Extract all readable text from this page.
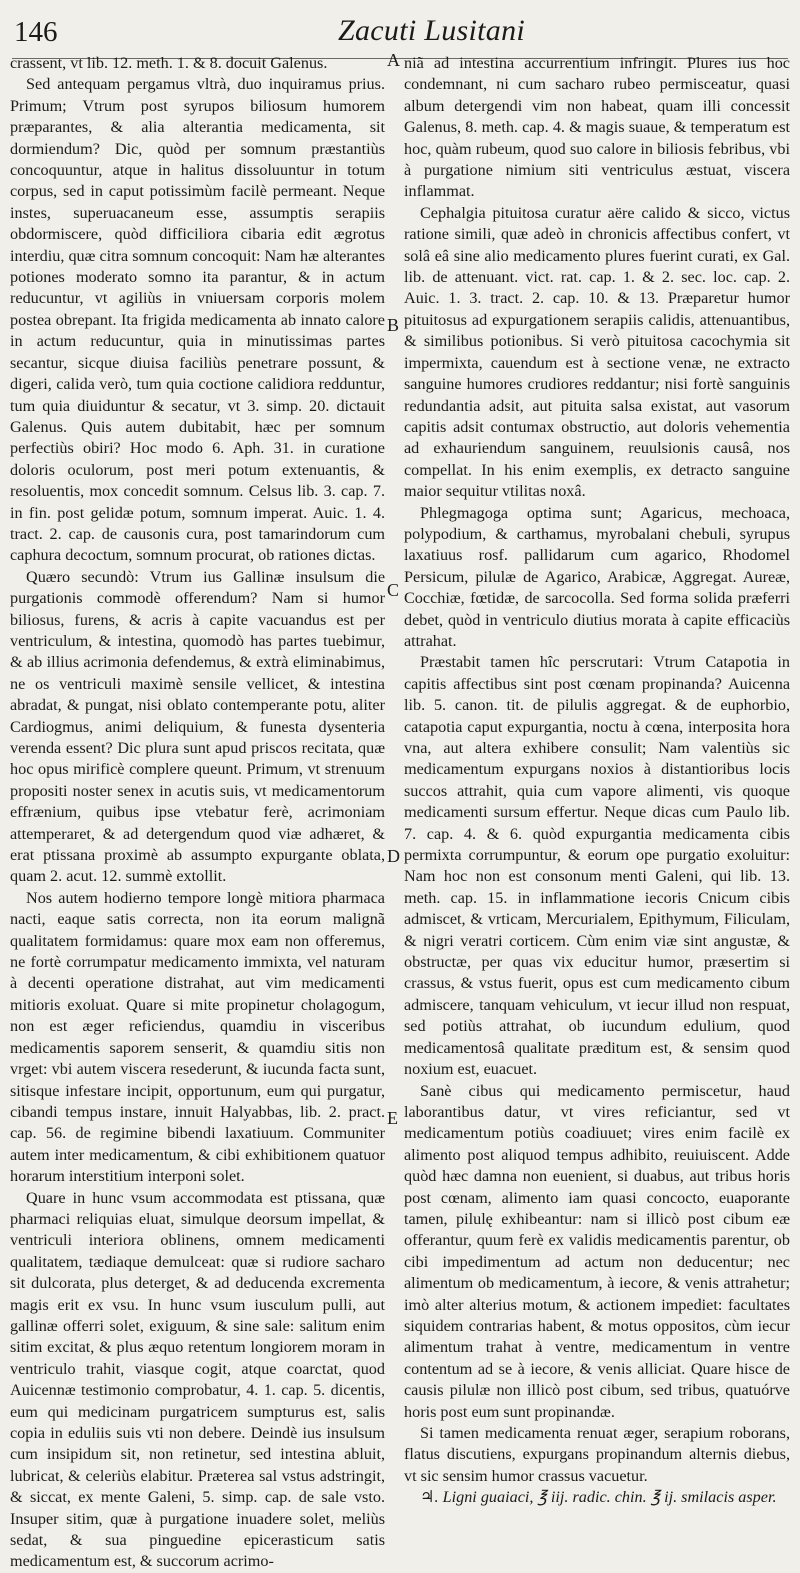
146	Zacuti Lusitani

crassent, vt lib. 12. meth. 1. & 8. docuit Galenus.

Sed antequam pergamus vltrà, duo inquiramus prius. Primum; Vtrum post syrupos biliosum humorem præparantes, & alia alterantia medicamenta, sit dormiendum? Dic, quòd per somnum præstantiùs concoquuntur, atque in halitus dissoluuntur in totum corpus, sed in caput potissimùm facilè permeant. Neque instes, superuacaneum esse, assumptis serapiis obdormiscere, quòd difficiliora cibaria edit ægrotus interdiu, quæ citra somnum concoquit: Nam hæ alterantes potiones moderato somno ita parantur, & in actum reducuntur, vt agiliùs in vniuersam corporis molem postea obrepant. Ita frigida medicamenta ab innato calore in actum reducuntur, quia in minutissimas partes secantur, sicque diuisa faciliùs penetrare possunt, & digeri, calida verò, tum quia coctione calidiora redduntur, tum quia diuiduntur & secatur, vt 3. simp. 20. dictauit Galenus. Quis autem dubitabit, hæc per somnum perfectiùs obiri? Hoc modo 6. Aph. 31. in curatione doloris oculorum, post meri potum extenuantis, & resoluentis, mox concedit somnum. Celsus lib. 3. cap. 7. in fin. post gelidæ potum, somnum imperat. Auic. 1. 4. tract. 2. cap. de causonis cura, post tamarindorum cum caphura decoctum, somnum procurat, ob rationes dictas.

Quæro secundò: Vtrum ius Gallinæ insulsum die purgationis commodè offerendum? Nam si humor biliosus, furens, & acris à capite vacuandus est per ventriculum, & intestina, quomodò has partes tuebimur, & ab illius acrimonia defendemus, & extrà eliminabimus, ne os ventriculi maximè sensile vellicet, & intestina abradat, & pungat, nisi oblato contemperante potu, aliter Cardiogmus, animi deliquium, & funesta dysenteria verenda essent? Dic plura sunt apud priscos recitata, quæ hoc opus mirificè complere queunt. Primum, vt strenuum propositi noster senex in acutis suis, vt medicamentorum effrænium, quibus ipse vtebatur ferè, acrimoniam attemperaret, & ad detergendum quod viæ adhæret, & erat ptissana proximè ab assumpto expurgante oblata, quam 2. acut. 12. summè extollit.

Nos autem hodierno tempore longè mitiora pharmaca nacti, eaque satis correcta, non ita eorum malignã qualitatem formidamus: quare mox eam non offeremus, ne fortè corrumpatur medicamento immixta, vel naturam à decenti operatione distrahat, aut vim medicamenti mitioris exoluat. Quare si mite propinetur cholagogum, non est æger reficiendus, quamdiu in visceribus medicamentis saporem senserit, & quamdiu sitis non vrget: vbi autem viscera resederunt, & iucunda facta sunt, sitisque infestare incipit, opportunum, eum qui purgatur, cibandi tempus instare, innuit Halyabbas, lib. 2. pract. cap. 56. de regimine bibendi laxatiuum. Communiter autem inter medicamentum, & cibi exhibitionem quatuor horarum interstitium interponi solet.

Quare in hunc vsum accommodata est ptissana, quæ pharmaci reliquias eluat, simulque deorsum impellat, & ventriculi interiora oblinens, omnem medicamenti qualitatem, tædiaque demulceat: quæ si rudiore sacharo sit dulcorata, plus deterget, & ad deducenda excrementa magis erit ex vsu. In hunc vsum iusculum pulli, aut gallinæ offerri solet, exiguum, & sine sale: salitum enim sitim excitat, & plus æquo retentum longiorem moram in ventriculo trahit, viasque cogit, atque coarctat, quod Auicennæ testimonio comprobatur, 4. 1. cap. 5. dicentis, eum qui medicinam purgatricem sumpturus est, salis copia in eduliis suis vti non debere. Deindè ius insulsum cum insipidum sit, non retinetur, sed intestina abluit, lubricat, & celeriùs elabitur. Præterea sal vstus adstringit, & siccat, ex mente Galeni, 5. simp. cap. de sale vsto. Insuper sitim, quæ à purgatione inuadere solet, meliùs sedat, & sua pinguedine epicerasticum satis medicamentum est, & succorum acrimo-

A
B
C
D
E

niã ad intestina accurrentium infringit. Plures ius hoc condemnant, ni cum sacharo rubeo permisceatur, quasi album detergendi vim non habeat, quam illi concessit Galenus, 8. meth. cap. 4. & magis suaue, & temperatum est hoc, quàm rubeum, quod suo calore in biliosis febribus, vbi à purgatione nimium siti ventriculus æstuat, viscera inflammat.

Cephalgia pituitosa curatur aëre calido & sicco, victus ratione simili, quæ adeò in chronicis affectibus confert, vt solâ eâ sine alio medicamento plures fuerint curati, ex Gal. lib. de attenuant. vict. rat. cap. 1. & 2. sec. loc. cap. 2. Auic. 1. 3. tract. 2. cap. 10. & 13. Præparetur humor pituitosus ad expurgationem serapiis calidis, attenuantibus, & similibus potionibus. Si verò pituitosa cacochymia sit impermixta, cauendum est à sectione venæ, ne extracto sanguine humores crudiores reddantur; nisi fortè sanguinis redundantia adsit, aut pituita salsa existat, aut vasorum capitis adsit contumax obstructio, aut doloris vehementia ad exhauriendum sanguinem, reuulsionis causâ, nos compellat. In his enim exemplis, ex detracto sanguine maior sequitur vtilitas noxâ.

Phlegmagoga optima sunt; Agaricus, mechoaca, polypodium, & carthamus, myrobalani chebuli, syrupus laxatiuus rosf. pallidarum cum agarico, Rhodomel Persicum, pilulæ de Agarico, Arabicæ, Aggregat. Aureæ, Cocchiæ, fœtidæ, de sarcocolla. Sed forma solida præferri debet, quòd in ventriculo diutius morata à capite efficaciùs attrahat.

Præstabit tamen hîc perscrutari: Vtrum Catapotia in capitis affectibus sint post cœnam propinanda? Auicenna lib. 5. canon. tit. de pilulis aggregat. & de euphorbio, catapotia caput expurgantia, noctu à cœna, interposita hora vna, aut altera exhibere consulit; Nam valentiùs sic medicamentum expurgans noxios à distantioribus locis succos attrahit, quia cum vapore alimenti, vis quoque medicamenti sursum effertur. Neque dicas cum Paulo lib. 7. cap. 4. & 6. quòd expurgantia medicamenta cibis permixta corrumpuntur, & eorum ope purgatio exoluitur: Nam hoc non est consonum menti Galeni, qui lib. 13. meth. cap. 15. in inflammatione iecoris Cnicum cibis admiscet, & vrticam, Mercurialem, Epithymum, Filiculam, & nigri veratri corticem. Cùm enim viæ sint angustæ, & obstructæ, per quas vix educitur humor, præsertim si crassus, & vstus fuerit, opus est cum medicamento cibum admiscere, tanquam vehiculum, vt iecur illud non respuat, sed potiùs attrahat, ob iucundum edulium, quod medicamentosâ qualitate præditum est, & sensim quod noxium est, euacuet.

Sanè cibus qui medicamento permiscetur, haud laborantibus datur, vt vires reficiantur, sed vt medicamentum potiùs coadiuuet; vires enim facilè ex alimento post aliquod tempus adhibito, reuiuiscent. Adde quòd hæc damna non euenient, si duabus, aut tribus horis post cœnam, alimento iam quasi concocto, euaporante tamen, pilulę exhibeantur: nam si illicò post cibum eæ offerantur, quum ferè ex validis medicamentis parentur, ob cibi impedimentum ad actum non deducentur; nec alimentum ob medicamentum, à iecore, & venis attrahetur; imò alter alterius motum, & actionem impediet: facultates siquidem contrarias habent, & motus oppositos, cùm iecur alimentum trahat à ventre, medicamentum in ventre contentum ad se à iecore, & venis alliciat. Quare hisce de causis pilulæ non illicò post cibum, sed tribus, quatuórve horis post eum sunt propinandæ.

Si tamen medicamenta renuat æger, serapium roborans, flatus discutiens, expurgans propinandum alternis diebus, vt sic sensim humor crassus vacuetur.

♃. Ligni guaiaci, ℥ iij. radic. chin. ℥ ij. smilacis asper.
